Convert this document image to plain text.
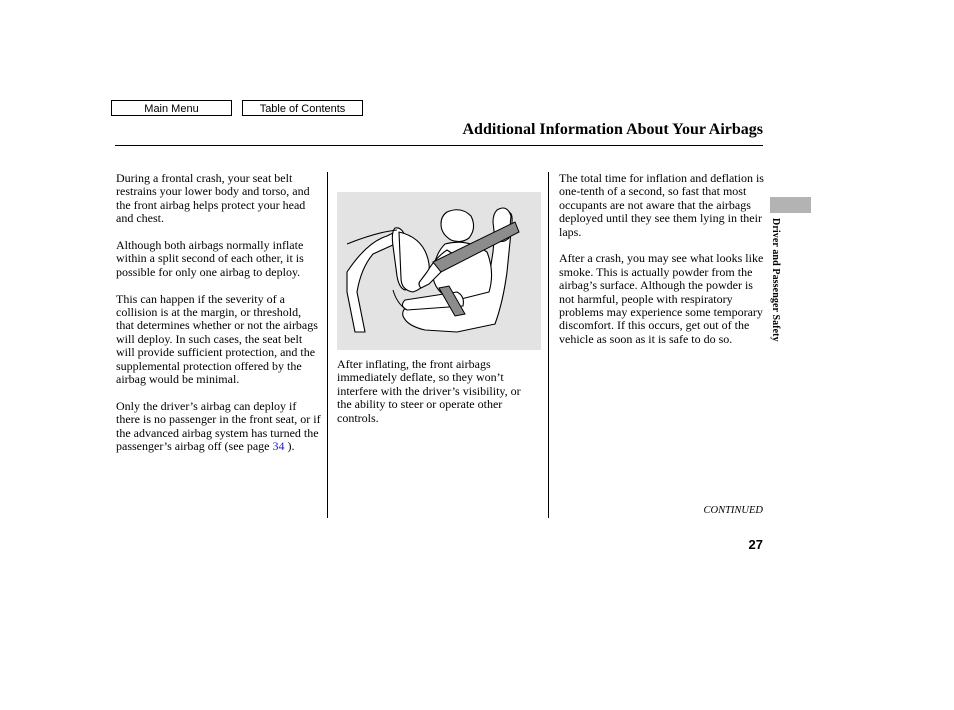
Main Menu	Table of Contents
Additional Information About Your Airbags
Driver and Passenger Safety

During a frontal crash, your seat belt restrains your lower body and torso, and the front airbag helps protect your head and chest.

Although both airbags normally inflate within a split second of each other, it is possible for only one airbag to deploy.

This can happen if the severity of a collision is at the margin, or threshold, that determines whether or not the airbags will deploy. In such cases, the seat belt will provide sufficient protection, and the supplemental protection offered by the airbag would be minimal.

Only the driver’s airbag can deploy if there is no passenger in the front seat, or if the advanced airbag system has turned the passenger’s airbag off (see page 34 ).

After inflating, the front airbags immediately deflate, so they won’t interfere with the driver’s visibility, or the ability to steer or operate other controls.

The total time for inflation and deflation is one-tenth of a second, so fast that most occupants are not aware that the airbags deployed until they see them lying in their laps.

After a crash, you may see what looks like smoke. This is actually powder from the airbag’s surface. Although the powder is not harmful, people with respiratory problems may experience some temporary discomfort. If this occurs, get out of the vehicle as soon as it is safe to do so.

CONTINUED
27
